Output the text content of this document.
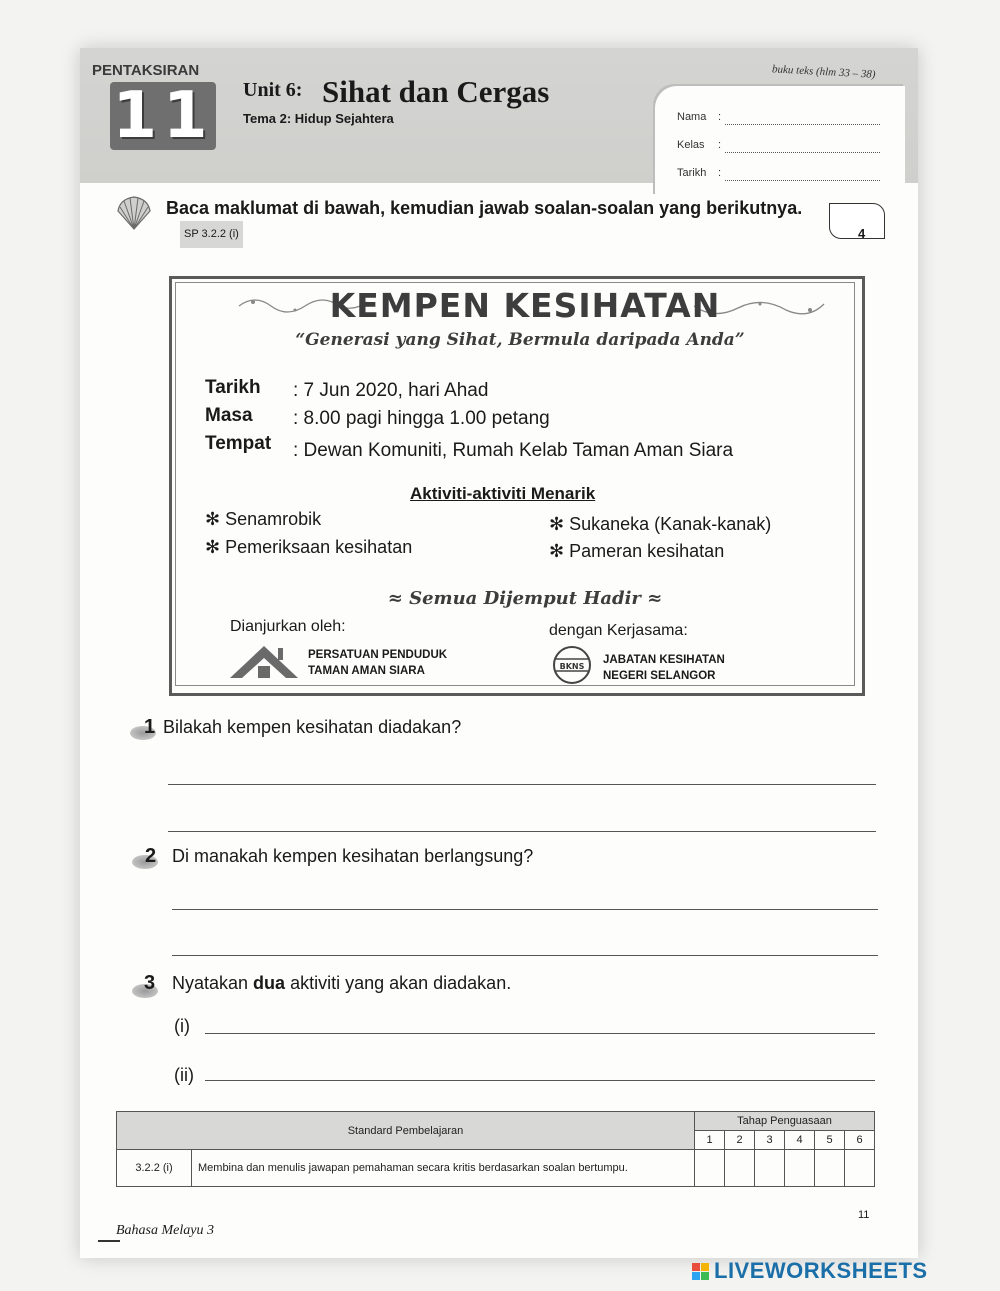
PENTAKSIRAN
11 Unit 6: Sihat dan Cergas
Tema 2: Hidup Sejahtera
buku teks (hlm 33 – 38)
Nama :
Kelas :
Tarikh :
Baca maklumat di bawah, kemudian jawab soalan-soalan yang berikutnya. SP 3.2.2 (i)	4
KEMPEN KESIHATAN
“Generasi yang Sihat, Bermula daripada Anda”
Tarikh : 7 Jun 2020, hari Ahad
Masa : 8.00 pagi hingga 1.00 petang
Tempat : Dewan Komuniti, Rumah Kelab Taman Aman Siara
Aktiviti-aktiviti Menarik
✻ Senamrobik	✻ Sukaneka (Kanak-kanak)
✻ Pemeriksaan kesihatan	✻ Pameran kesihatan
≈ Semua Dijemput Hadir ≈
Dianjurkan oleh:
PERSATUAN PENDUDUK
TAMAN AMAN SIARA
dengan Kerjasama:
BKNS
JABATAN KESIHATAN
NEGERI SELANGOR
1 Bilakah kempen kesihatan diadakan?
2 Di manakah kempen kesihatan berlangsung?
3 Nyatakan dua aktiviti yang akan diadakan.
(i)
(ii)
Standard Pembelajaran		Tahap Penguasaan					
		1	2	3	4	5	6
3.2.2 (i)	Membina dan menulis jawapan pemahaman secara kritis berdasarkan soalan bertumpu.						
Bahasa Melayu 3
11
LIVEWORKSHEETS
